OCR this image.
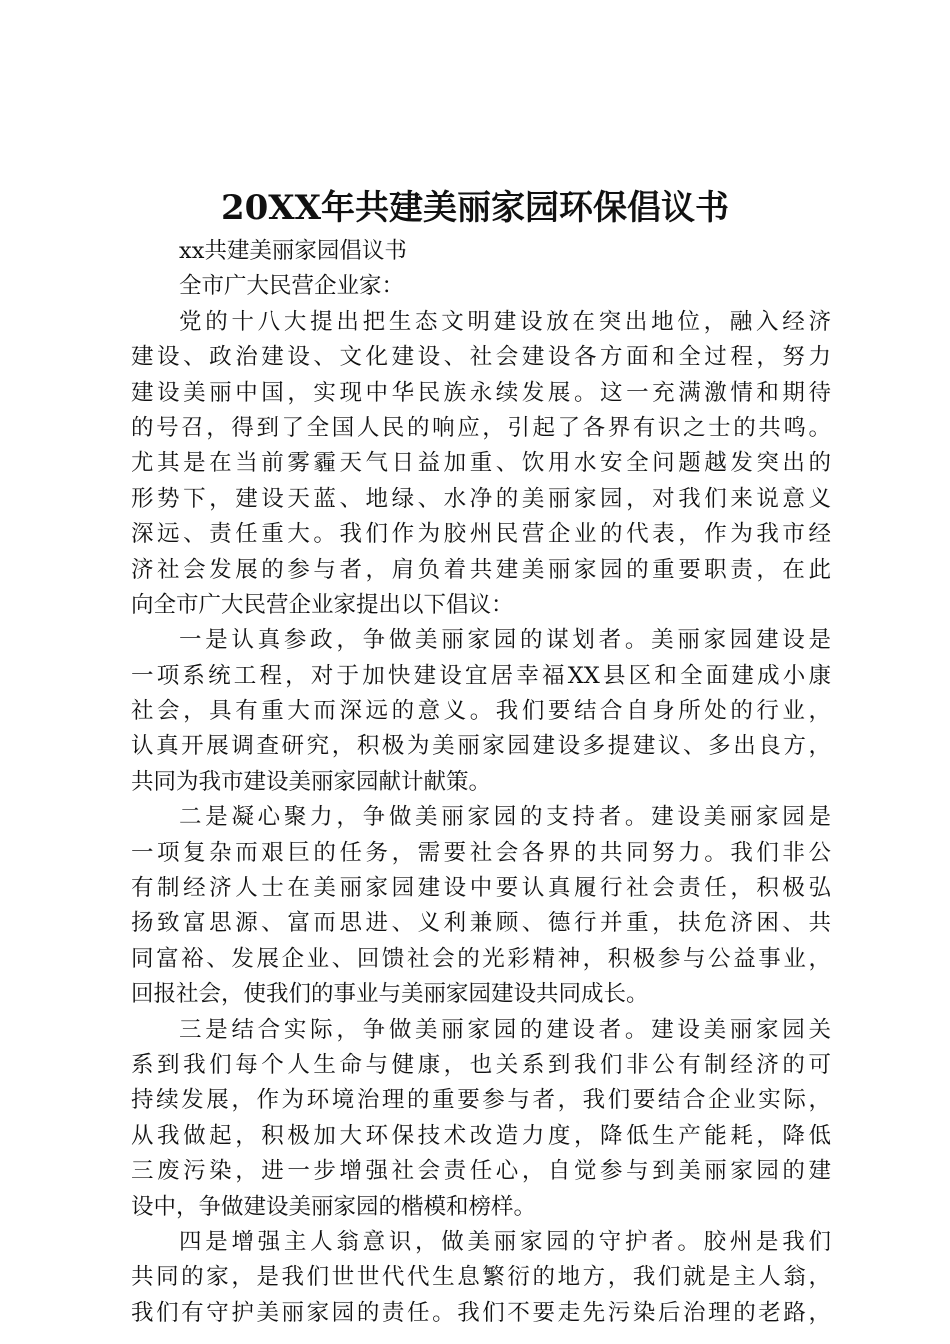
20XX年共建美丽家园环保倡议书
xx共建美丽家园倡议书
全市广大民营企业家：
党的十八大提出把生态文明建设放在突出地位，融入经济
建设、政治建设、文化建设、社会建设各方面和全过程，努力
建设美丽中国，实现中华民族永续发展。这一充满激情和期待
的号召，得到了全国人民的响应，引起了各界有识之士的共鸣。
尤其是在当前雾霾天气日益加重、饮用水安全问题越发突出的
形势下，建设天蓝、地绿、水净的美丽家园，对我们来说意义
深远、责任重大。我们作为胶州民营企业的代表，作为我市经
济社会发展的参与者，肩负着共建美丽家园的重要职责，在此
向全市广大民营企业家提出以下倡议：
一是认真参政，争做美丽家园的谋划者。美丽家园建设是
一项系统工程，对于加快建设宜居幸福XX县区和全面建成小康
社会，具有重大而深远的意义。我们要结合自身所处的行业，
认真开展调查研究，积极为美丽家园建设多提建议、多出良方，
共同为我市建设美丽家园献计献策。
二是凝心聚力，争做美丽家园的支持者。建设美丽家园是
一项复杂而艰巨的任务，需要社会各界的共同努力。我们非公
有制经济人士在美丽家园建设中要认真履行社会责任，积极弘
扬致富思源、富而思进、义利兼顾、德行并重，扶危济困、共
同富裕、发展企业、回馈社会的光彩精神，积极参与公益事业，
回报社会，使我们的事业与美丽家园建设共同成长。
三是结合实际，争做美丽家园的建设者。建设美丽家园关
系到我们每个人生命与健康，也关系到我们非公有制经济的可
持续发展，作为环境治理的重要参与者，我们要结合企业实际，
从我做起，积极加大环保技术改造力度，降低生产能耗，降低
三废污染，进一步增强社会责任心，自觉参与到美丽家园的建
设中，争做建设美丽家园的楷模和榜样。
四是增强主人翁意识，做美丽家园的守护者。胶州是我们
共同的家，是我们世世代代生息繁衍的地方，我们就是主人翁，
我们有守护美丽家园的责任。我们不要走先污染后治理的老路，
